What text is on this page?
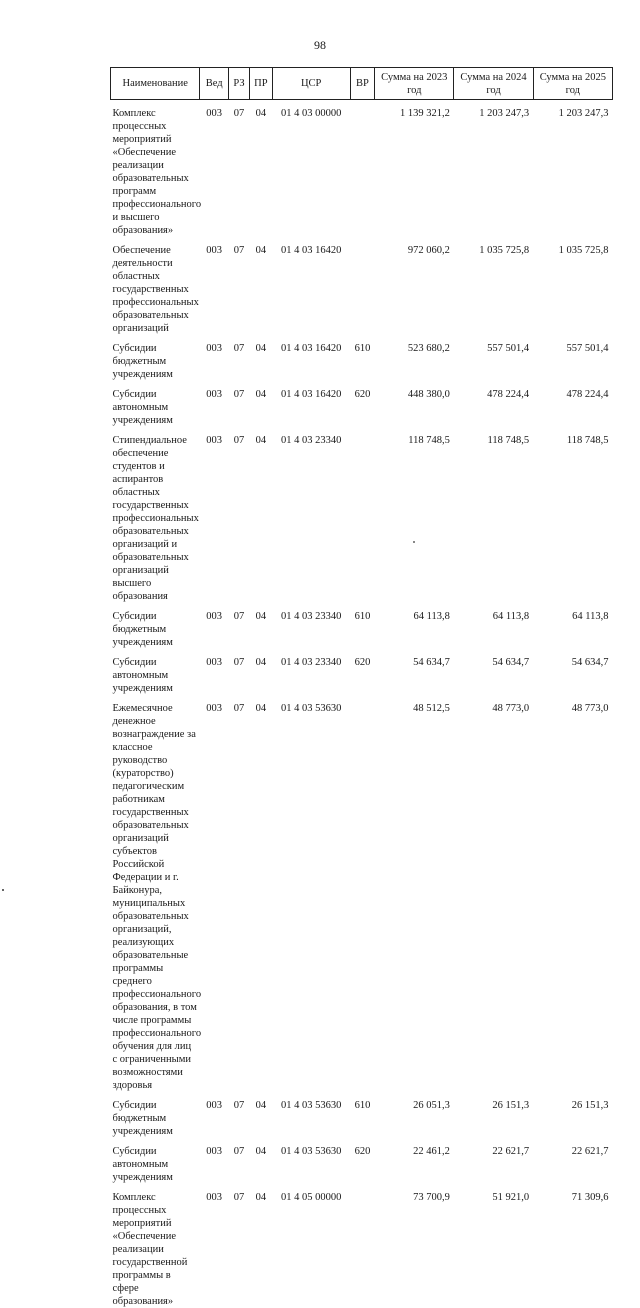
98
Наименование	Вед	РЗ	ПР	ЦСР	ВР	Сумма на 2023 год	Сумма на 2024 год	Сумма на 2025 год

Комплекс процессных мероприятий «Обеспечение реализации образовательных программ профессионального и высшего образования»	003	07	04	01 4 03 00000		1 139 321,2	1 203 247,3	1 203 247,3

Обеспечение деятельности областных государственных профессиональных образовательных организаций	003	07	04	01 4 03 16420		972 060,2	1 035 725,8	1 035 725,8

Субсидии бюджетным учреждениям	003	07	04	01 4 03 16420	610	523 680,2	557 501,4	557 501,4

Субсидии автономным учреждениям	003	07	04	01 4 03 16420	620	448 380,0	478 224,4	478 224,4

Стипендиальное обеспечение студентов и аспирантов областных государственных профессиональных образовательных организаций и образовательных организаций высшего образования	003	07	04	01 4 03 23340		118 748,5	118 748,5	118 748,5

Субсидии бюджетным учреждениям	003	07	04	01 4 03 23340	610	64 113,8	64 113,8	64 113,8

Субсидии автономным учреждениям	003	07	04	01 4 03 23340	620	54 634,7	54 634,7	54 634,7

Ежемесячное денежное вознаграждение за классное руководство (кураторство) педагогическим работникам государственных образовательных организаций субъектов Российской Федерации и г. Байконура, муниципальных образовательных организаций, реализующих образовательные программы среднего профессионального образования, в том числе программы профессионального обучения для лиц с ограниченными возможностями здоровья	003	07	04	01 4 03 53630		48 512,5	48 773,0	48 773,0

Субсидии бюджетным учреждениям	003	07	04	01 4 03 53630	610	26 051,3	26 151,3	26 151,3

Субсидии автономным учреждениям	003	07	04	01 4 03 53630	620	22 461,2	22 621,7	22 621,7

Комплекс процессных мероприятий «Обеспечение реализации государственной программы в сфере образования»	003	07	04	01 4 05 00000		73 700,9	51 921,0	71 309,6
